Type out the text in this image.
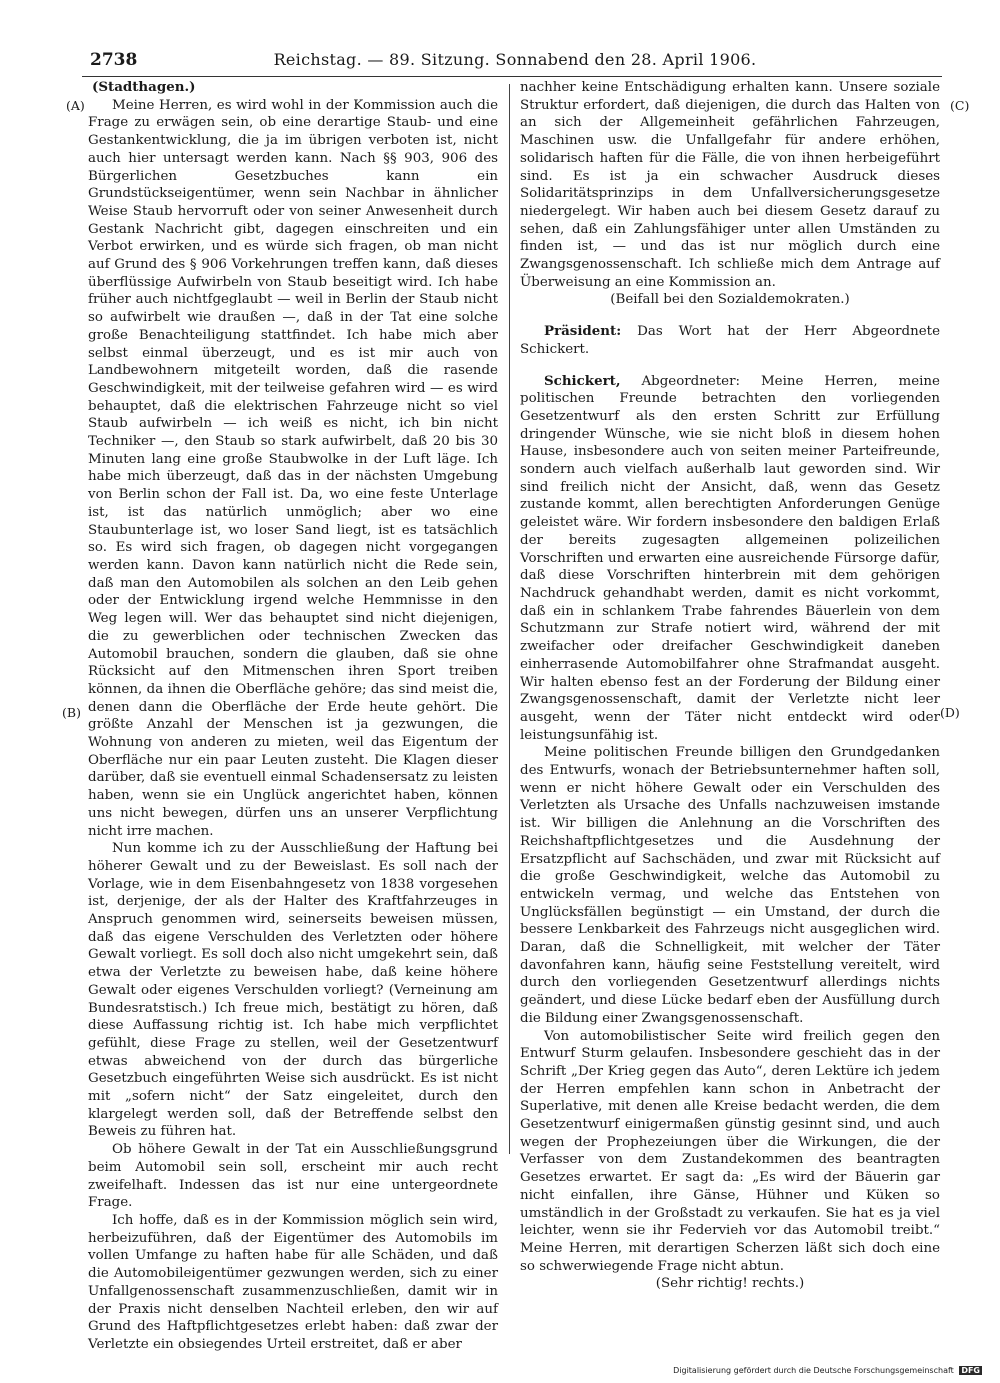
2738	Reichstag. — 89. Sitzung. Sonnabend den 28. April 1906.
(A)
(B)
(C)
(D)

(Stadthagen.)

Meine Herren, es wird wohl in der Kommission auch die Frage zu erwägen sein, ob eine derartige Staub- und eine Gestankentwicklung, die ja im übrigen verboten ist, nicht auch hier untersagt werden kann. Nach §§ 903, 906 des Bürgerlichen Gesetzbuches kann ein Grundstückseigentümer, wenn sein Nachbar in ähnlicher Weise Staub hervorruft oder von seiner Anwesenheit durch Gestank Nachricht gibt, dagegen einschreiten und ein Verbot erwirken, und es würde sich fragen, ob man nicht auf Grund des § 906 Vorkehrungen treffen kann, daß dieses überflüssige Aufwirbeln von Staub beseitigt wird. Ich habe früher auch nichtfgeglaubt — weil in Berlin der Staub nicht so aufwirbelt wie draußen —, daß in der Tat eine solche große Benachteiligung stattfindet. Ich habe mich aber selbst einmal überzeugt, und es ist mir auch von Landbewohnern mitgeteilt worden, daß die rasende Geschwindigkeit, mit der teilweise gefahren wird — es wird behauptet, daß die elektrischen Fahrzeuge nicht so viel Staub aufwirbeln — ich weiß es nicht, ich bin nicht Techniker —, den Staub so stark aufwirbelt, daß 20 bis 30 Minuten lang eine große Staubwolke in der Luft läge. Ich habe mich überzeugt, daß das in der nächsten Umgebung von Berlin schon der Fall ist. Da, wo eine feste Unterlage ist, ist das natürlich unmöglich; aber wo eine Staubunterlage ist, wo loser Sand liegt, ist es tatsächlich so. Es wird sich fragen, ob dagegen nicht vorgegangen werden kann. Davon kann natürlich nicht die Rede sein, daß man den Automobilen als solchen an den Leib gehen oder der Entwicklung irgend welche Hemmnisse in den Weg legen will. Wer das behauptet sind nicht diejenigen, die zu gewerblichen oder technischen Zwecken das Automobil brauchen, sondern die glauben, daß sie ohne Rücksicht auf den Mitmenschen ihren Sport treiben können, da ihnen die Oberfläche gehöre; das sind meist die, denen dann die Oberfläche der Erde heute gehört. Die größte Anzahl der Menschen ist ja gezwungen, die Wohnung von anderen zu mieten, weil das Eigentum der Oberfläche nur ein paar Leuten zusteht. Die Klagen dieser darüber, daß sie eventuell einmal Schadensersatz zu leisten haben, wenn sie ein Unglück angerichtet haben, können uns nicht bewegen, dürfen uns an unserer Verpflichtung nicht irre machen.

Nun komme ich zu der Ausschließung der Haftung bei höherer Gewalt und zu der Beweislast. Es soll nach der Vorlage, wie in dem Eisenbahngesetz von 1838 vorgesehen ist, derjenige, der als der Halter des Kraftfahrzeuges in Anspruch genommen wird, seinerseits beweisen müssen, daß das eigene Verschulden des Verletzten oder höhere Gewalt vorliegt. Es soll doch also nicht umgekehrt sein, daß etwa der Verletzte zu beweisen habe, daß keine höhere Gewalt oder eigenes Verschulden vorliegt? (Verneinung am Bundesratstisch.) Ich freue mich, bestätigt zu hören, daß diese Auffassung richtig ist. Ich habe mich verpflichtet gefühlt, diese Frage zu stellen, weil der Gesetzentwurf etwas abweichend von der durch das bürgerliche Gesetzbuch eingeführten Weise sich ausdrückt. Es ist nicht mit „sofern nicht“ der Satz eingeleitet, durch den klargelegt werden soll, daß der Betreffende selbst den Beweis zu führen hat.

Ob höhere Gewalt in der Tat ein Ausschließungsgrund beim Automobil sein soll, erscheint mir auch recht zweifelhaft. Indessen das ist nur eine untergeordnete Frage.

Ich hoffe, daß es in der Kommission möglich sein wird, herbeizuführen, daß der Eigentümer des Automobils im vollen Umfange zu haften habe für alle Schäden, und daß die Automobileigentümer gezwungen werden, sich zu einer Unfallgenossenschaft zusammenzuschließen, damit wir in der Praxis nicht denselben Nachteil erleben, den wir auf Grund des Haftpflichtgesetzes erlebt haben: daß zwar der Verletzte ein obsiegendes Urteil erstreitet, daß er aber

nachher keine Entschädigung erhalten kann. Unsere soziale Struktur erfordert, daß diejenigen, die durch das Halten von an sich der Allgemeinheit gefährlichen Fahrzeugen, Maschinen usw. die Unfallgefahr für andere erhöhen, solidarisch haften für die Fälle, die von ihnen herbeigeführt sind. Es ist ja ein schwacher Ausdruck dieses Solidaritätsprinzips in dem Unfallversicherungsgesetze niedergelegt. Wir haben auch bei diesem Gesetz darauf zu sehen, daß ein Zahlungsfähiger unter allen Umständen zu finden ist, — und das ist nur möglich durch eine Zwangsgenossenschaft. Ich schließe mich dem Antrage auf Überweisung an eine Kommission an.

(Beifall bei den Sozialdemokraten.)

Präsident: Das Wort hat der Herr Abgeordnete Schickert.

Schickert, Abgeordneter: Meine Herren, meine politischen Freunde betrachten den vorliegenden Gesetzentwurf als den ersten Schritt zur Erfüllung dringender Wünsche, wie sie nicht bloß in diesem hohen Hause, insbesondere auch von seiten meiner Parteifreunde, sondern auch vielfach außerhalb laut geworden sind. Wir sind freilich nicht der Ansicht, daß, wenn das Gesetz zustande kommt, allen berechtigten Anforderungen Genüge geleistet wäre. Wir fordern insbesondere den baldigen Erlaß der bereits zugesagten allgemeinen polizeilichen Vorschriften und erwarten eine ausreichende Fürsorge dafür, daß diese Vorschriften hinterbrein mit dem gehörigen Nachdruck gehandhabt werden, damit es nicht vorkommt, daß ein in schlankem Trabe fahrendes Bäuerlein von dem Schutzmann zur Strafe notiert wird, während der mit zweifacher oder dreifacher Geschwindigkeit daneben einherrasende Automobilfahrer ohne Strafmandat ausgeht. Wir halten ebenso fest an der Forderung der Bildung einer Zwangsgenossenschaft, damit der Verletzte nicht leer ausgeht, wenn der Täter nicht entdeckt wird oder leistungsunfähig ist.

Meine politischen Freunde billigen den Grundgedanken des Entwurfs, wonach der Betriebsunternehmer haften soll, wenn er nicht höhere Gewalt oder ein Verschulden des Verletzten als Ursache des Unfalls nachzuweisen imstande ist. Wir billigen die Anlehnung an die Vorschriften des Reichshaftpflichtgesetzes und die Ausdehnung der Ersatzpflicht auf Sachschäden, und zwar mit Rücksicht auf die große Geschwindigkeit, welche das Automobil zu entwickeln vermag, und welche das Entstehen von Unglücksfällen begünstigt — ein Umstand, der durch die bessere Lenkbarkeit des Fahrzeugs nicht ausgeglichen wird. Daran, daß die Schnelligkeit, mit welcher der Täter davonfahren kann, häufig seine Feststellung vereitelt, wird durch den vorliegenden Gesetzentwurf allerdings nichts geändert, und diese Lücke bedarf eben der Ausfüllung durch die Bildung einer Zwangsgenossenschaft.

Von automobilistischer Seite wird freilich gegen den Entwurf Sturm gelaufen. Insbesondere geschieht das in der Schrift „Der Krieg gegen das Auto“, deren Lektüre ich jedem der Herren empfehlen kann schon in Anbetracht der Superlative, mit denen alle Kreise bedacht werden, die dem Gesetzentwurf einigermaßen günstig gesinnt sind, und auch wegen der Prophezeiungen über die Wirkungen, die der Verfasser von dem Zustandekommen des beantragten Gesetzes erwartet. Er sagt da: „Es wird der Bäuerin gar nicht einfallen, ihre Gänse, Hühner und Küken so umständlich in der Großstadt zu verkaufen. Sie hat es ja viel leichter, wenn sie ihr Federvieh vor das Automobil treibt.“ Meine Herren, mit derartigen Scherzen läßt sich doch eine so schwerwiegende Frage nicht abtun.

(Sehr richtig! rechts.)

Digitalisierung gefördert durch die Deutsche Forschungsgemeinschaft DFG
